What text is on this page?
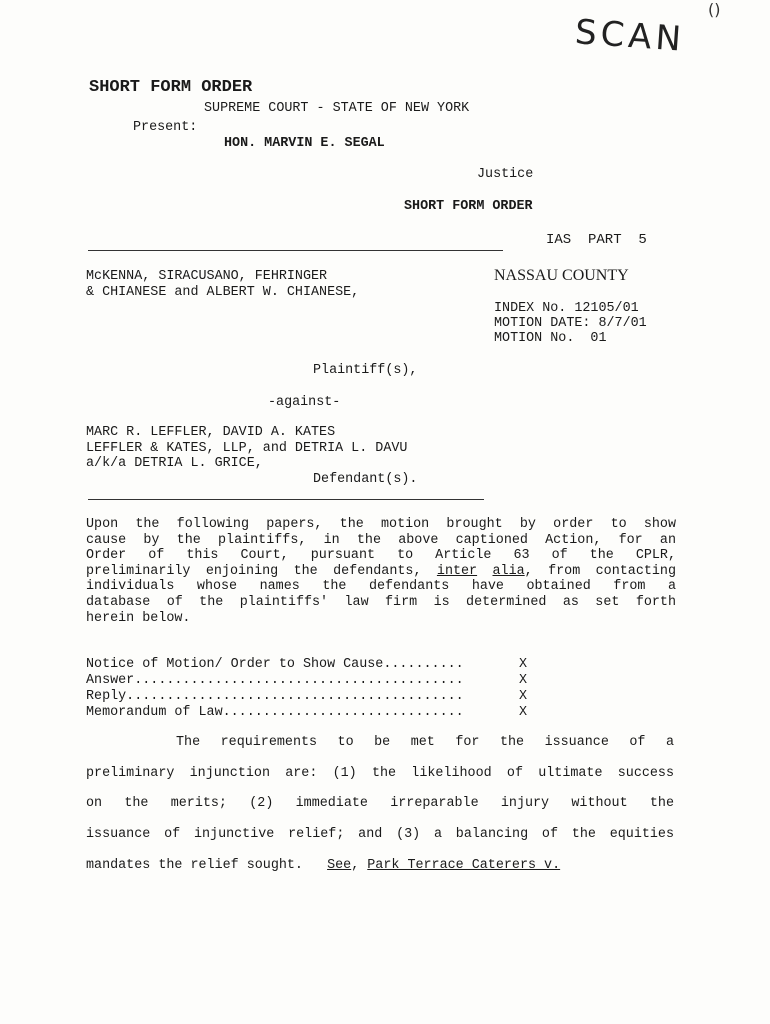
SCAN
()
SHORT FORM ORDER
SUPREME COURT - STATE OF NEW YORK
Present:
HON. MARVIN E. SEGAL
Justice
SHORT FORM ORDER
IAS  PART  5
McKENNA, SIRACUSANO, FEHRINGER
& CHIANESE and ALBERT W. CHIANESE,
NASSAU COUNTY
INDEX No. 12105/01
MOTION DATE: 8/7/01
MOTION No.  01
Plaintiff(s),
-against-
MARC R. LEFFLER, DAVID A. KATES
LEFFLER & KATES, LLP, and DETRIA L. DAVU
a/k/a DETRIA L. GRICE,
Defendant(s).
Upon the following papers, the motion brought by order to show
cause by the plaintiffs, in the above captioned Action, for an
Order of this Court, pursuant to Article 63 of the CPLR,
preliminarily enjoining the defendants, inter alia, from contacting
individuals whose names the defendants have obtained from a
database of the plaintiffs' law firm is determined as set forth
herein below.
Notice of Motion/ Order to Show Cause..........	X
Answer.........................................	X
Reply..........................................	X
Memorandum of Law..............................	X
The requirements to be met for the issuance of a
preliminary injunction are: (1) the likelihood of ultimate success
on the merits; (2) immediate irreparable injury without the
issuance of injunctive relief; and (3) a balancing of the equities
mandates the relief sought.   See, Park Terrace Caterers v.
